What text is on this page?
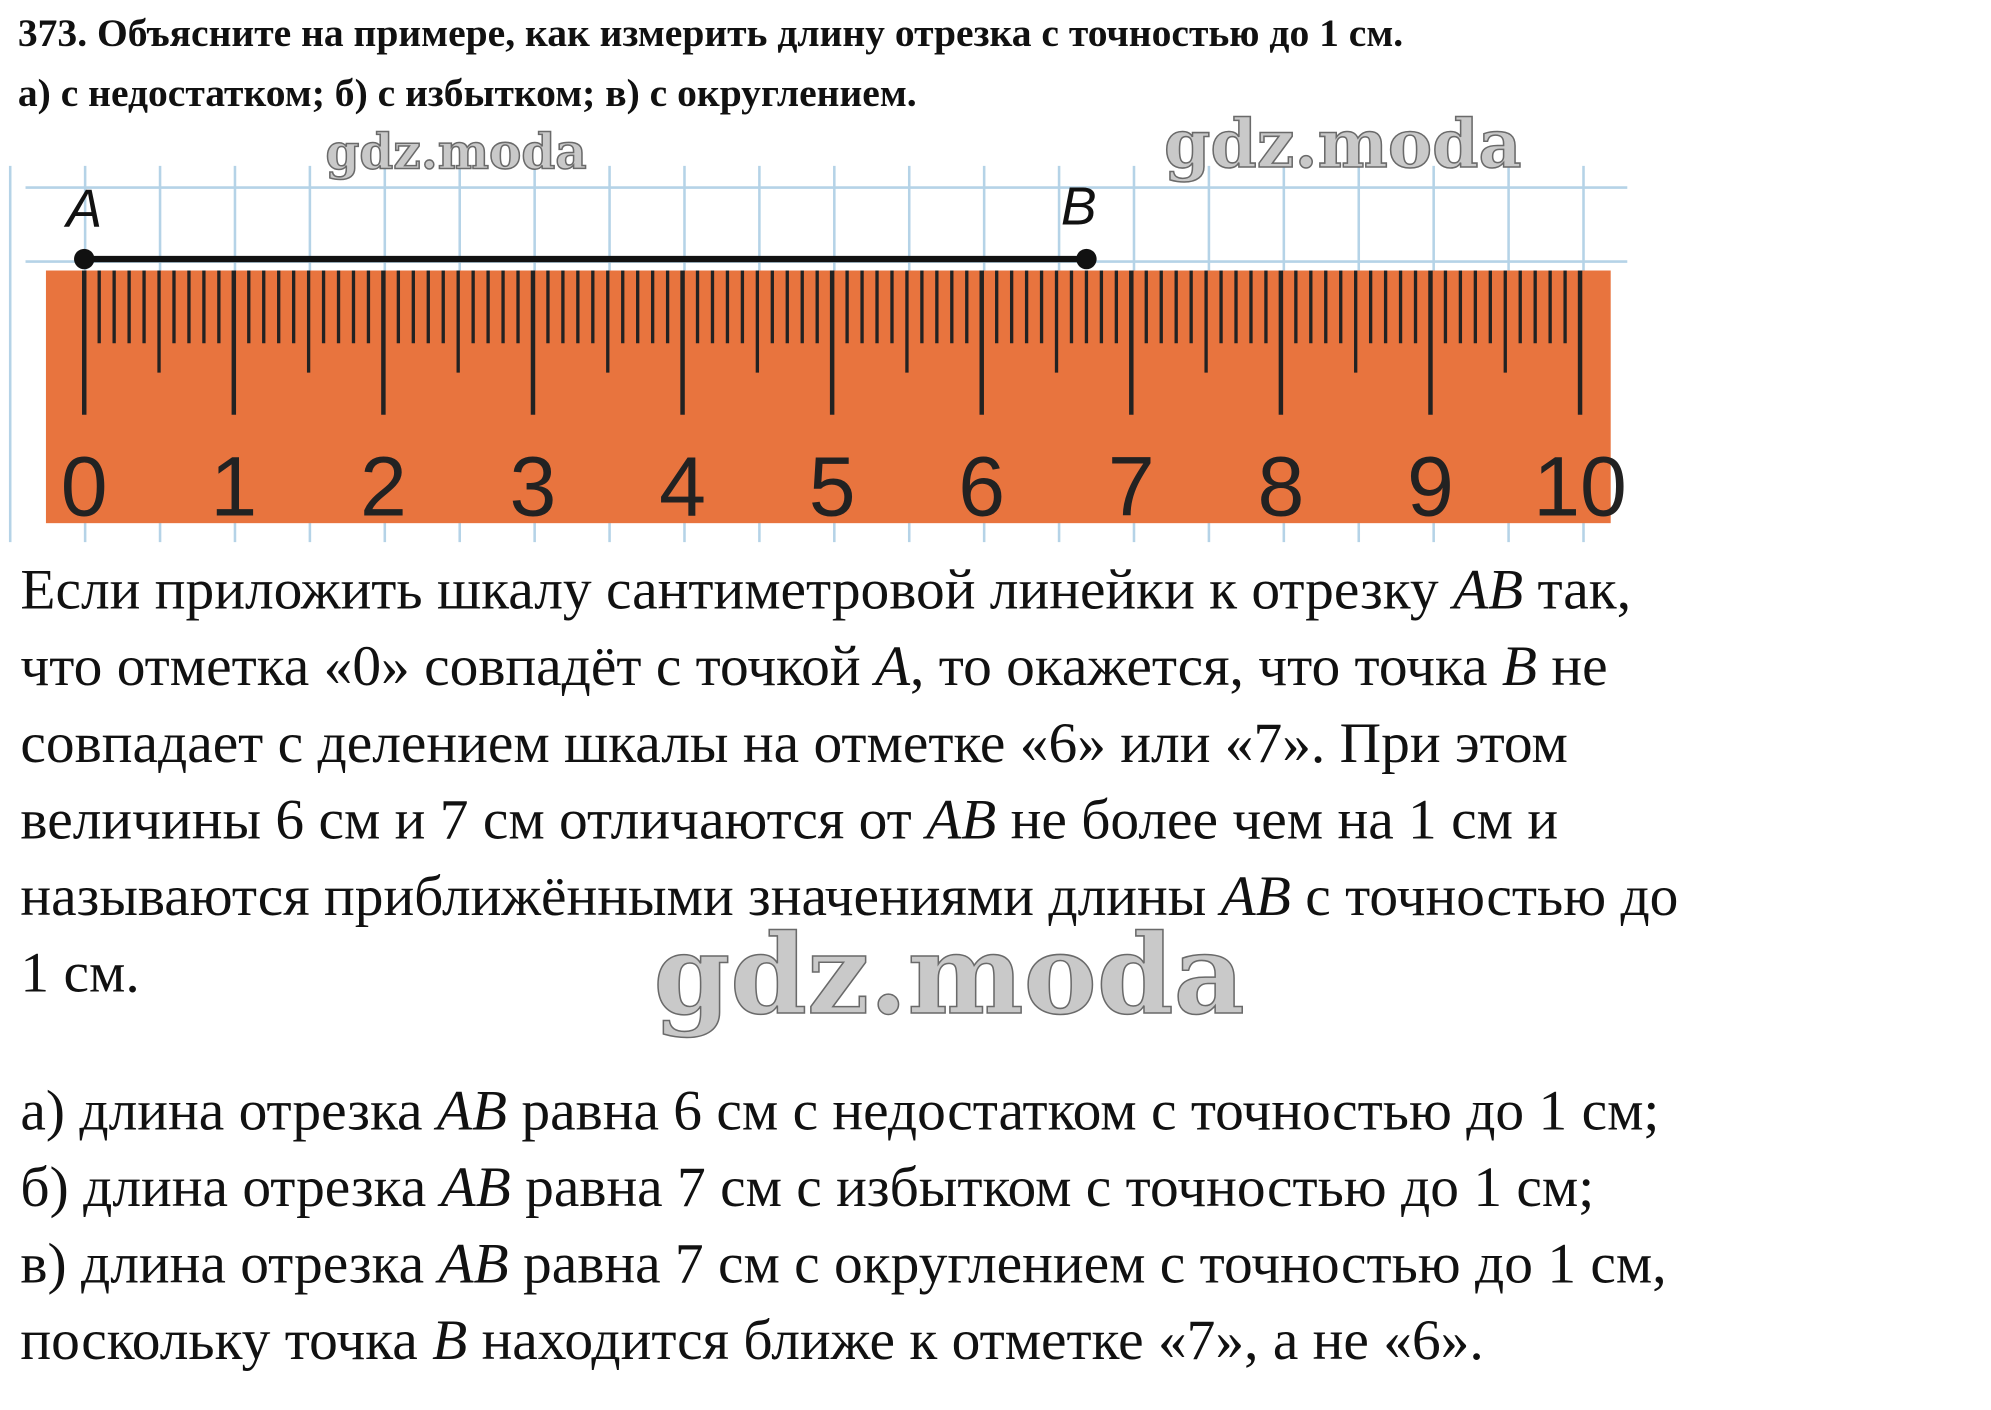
373. Объясните на примере, как измерить длину отрезка с точностью до 1 см.
а) с недостатком; б) с избытком; в) с округлением.
0 1 2 3 4 5 6 7 8 9 10
A	B
gdz.moda	gdz.moda
Если приложить шкалу сантиметровой линейки к отрезку AB так,
что отметка «0» совпадёт с точкой A, то окажется, что точка B не
совпадает с делением шкалы на отметке «6» или «7». При этом
величины 6 см и 7 см отличаются от AB не более чем на 1 см и
называются приближёнными значениями длины AB с точностью до
1 см.	gdz.moda
а) длина отрезка AB равна 6 см с недостатком с точностью до 1 см;
б) длина отрезка AB равна 7 см с избытком с точностью до 1 см;
в) длина отрезка AB равна 7 см с округлением с точностью до 1 см,
поскольку точка B находится ближе к отметке «7», а не «6».
